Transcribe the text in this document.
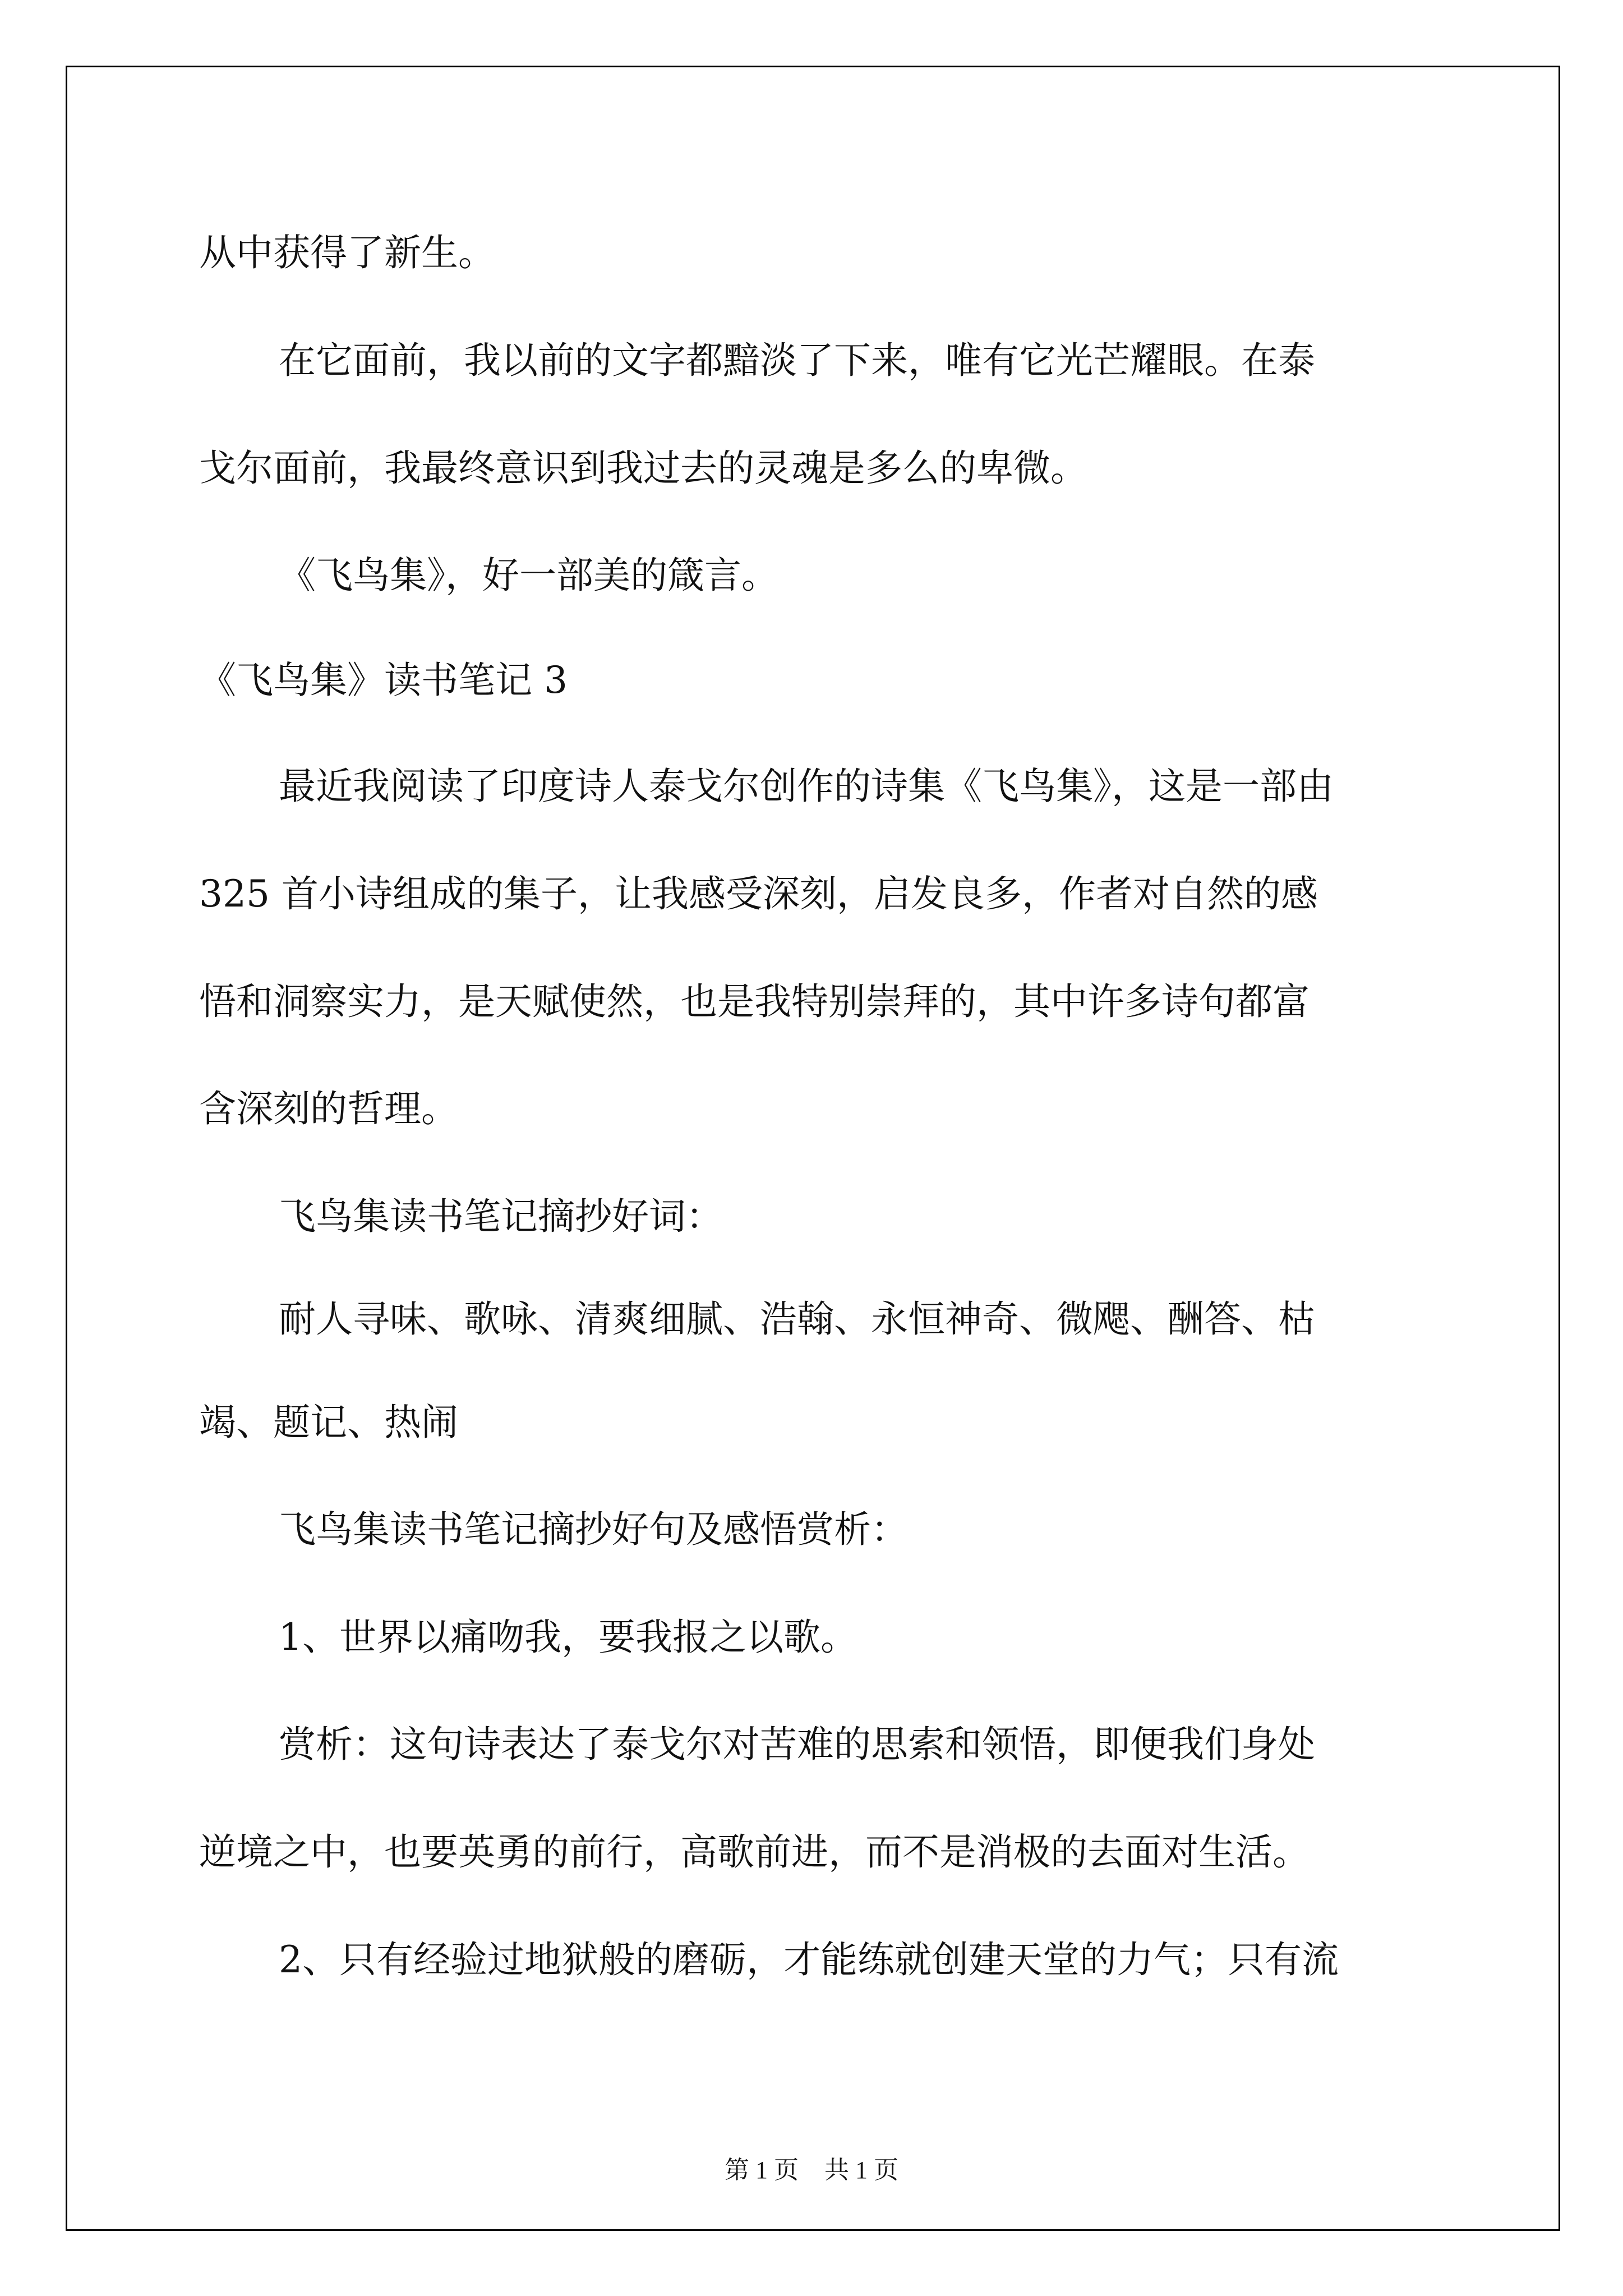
从中获得了新生。
在它面前，我以前的文字都黯淡了下来，唯有它光芒耀眼。在泰
戈尔面前，我最终意识到我过去的灵魂是多么的卑微。
《飞鸟集》，好一部美的箴言。
《飞鸟集》读书笔记 3
最近我阅读了印度诗人泰戈尔创作的诗集《飞鸟集》，这是一部由
325 首小诗组成的集子，让我感受深刻，启发良多，作者对自然的感
悟和洞察实力，是天赋使然，也是我特别崇拜的，其中许多诗句都富
含深刻的哲理。
飞鸟集读书笔记摘抄好词：
耐人寻味、歌咏、清爽细腻、浩翰、永恒神奇、微飔、酬答、枯
竭、题记、热闹
飞鸟集读书笔记摘抄好句及感悟赏析：
1、世界以痛吻我，要我报之以歌。
赏析：这句诗表达了泰戈尔对苦难的思索和领悟，即便我们身处
逆境之中，也要英勇的前行，高歌前进，而不是消极的去面对生活。
2、只有经验过地狱般的磨砺，才能练就创建天堂的力气；只有流
第 1 页 共 1 页
